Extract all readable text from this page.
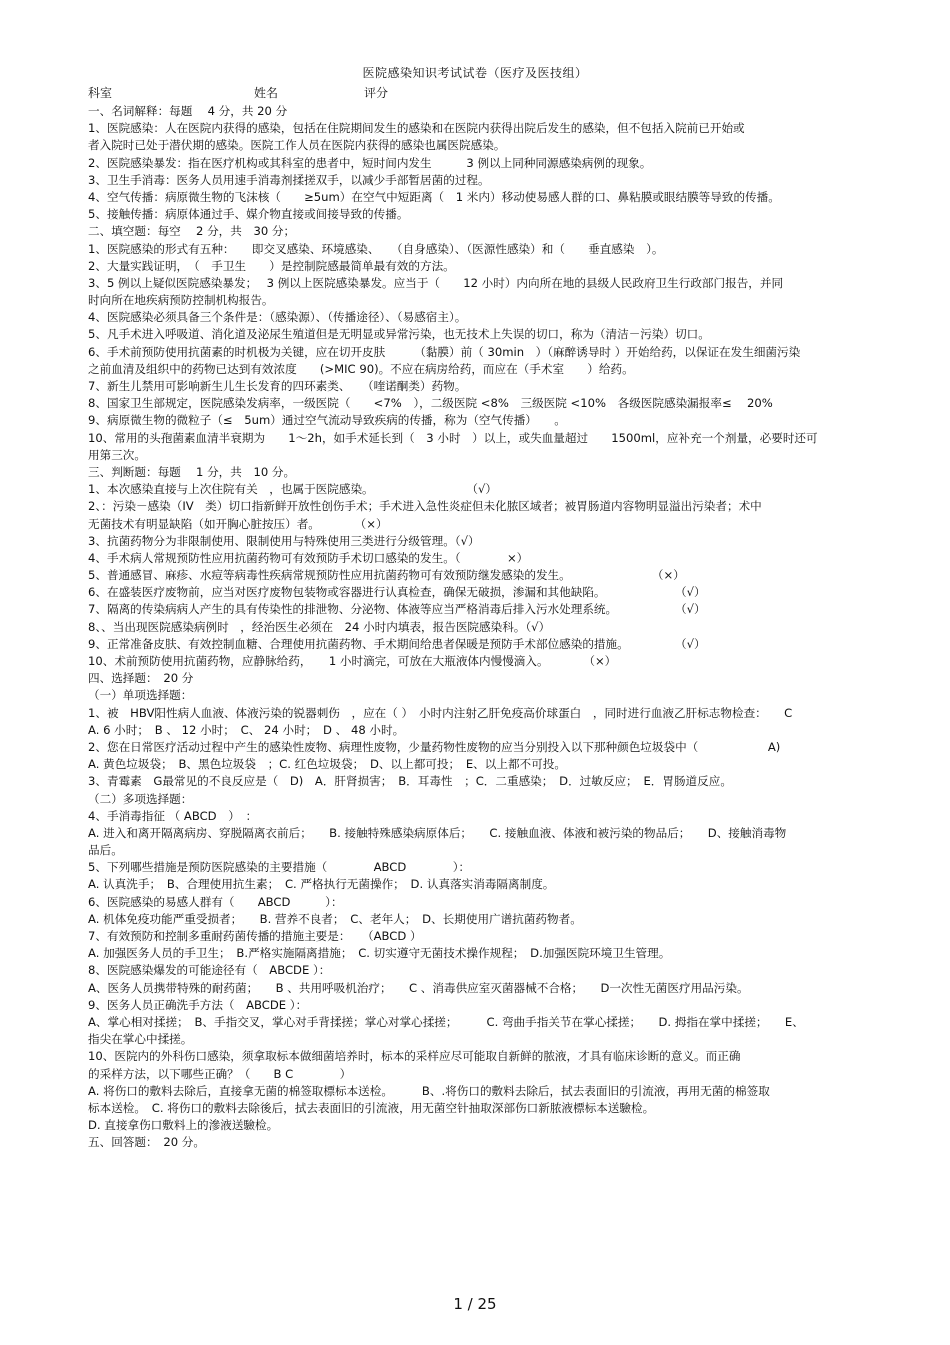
医院感染知识考试试卷（医疗及医技组）
科室	姓名	评分
一、名词解释：每题　 4 分，共 20 分
1、医院感染：人在医院内获得的感染，包括在住院期间发生的感染和在医院内获得出院后发生的感染，但不包括入院前已开始或
者入院时已处于潜伏期的感染。医院工作人员在医院内获得的感染也属医院感染。
2、医院感染暴发：指在医疗机构或其科室的患者中，短时间内发生　　　3 例以上同种同源感染病例的现象。
3、卫生手消毒：医务人员用速手消毒剂揉搓双手，以减少手部暂居菌的过程。
4、空气传播：病原微生物的飞沫核（　　≥5um）在空气中短距离（　1 米内）移动使易感人群的口、鼻粘膜或眼结膜等导致的传播。
5、接触传播：病原体通过手、媒介物直接或间接导致的传播。
二、填空题：每空　 2 分，共　30 分；
1、医院感染的形式有五种：　　即交叉感染、环境感染、　　（自身感染）、（医源性感染）和（　　垂直感染　）。
2、大量实践证明，　（　手卫生　　）是控制院感最简单最有效的方法。
3、5 例以上疑似医院感染暴发；　 3 例以上医院感染暴发。应当于（　　12 小时）内向所在地的县级人民政府卫生行政部门报告，并同
时向所在地疾病预防控制机构报告。
4、医院感染必须具备三个条件是：（感染源）、（传播途径）、（易感宿主）。
5、凡手术进入呼吸道、消化道及泌尿生殖道但是无明显或异常污染，也无技术上失误的切口，称为（清洁－污染）切口。
6、手术前预防使用抗菌素的时机极为关键，应在切开皮肤　　　（黏膜）前（ 30min　）（麻醉诱导时 ）开始给药，以保证在发生细菌污染
之前血清及组织中的药物已达到有效浓度　　(>MIC 90)。不应在病房给药，而应在（手术室　　）给药。
7、新生儿禁用可影响新生儿生长发育的四环素类、　　（喹诺酮类）药物。
8、国家卫生部规定，医院感染发病率，一级医院（　　<7%　），二级医院 <8%　三级医院 <10%　各级医院感染漏报率≤　 20%
9、病原微生物的微粒子（≤　5um）通过空气流动导致疾病的传播，称为（空气传播）　　。
10、常用的头孢菌素血清半衰期为　　1～2h，如手术延长到（　3 小时　）以上，或失血量超过　　1500ml，应补充一个剂量，必要时还可
用第三次。
三、判断题：每题　 1 分，共　10 分。
1、本次感染直接与上次住院有关　，也属于医院感染。　　　　　　　　　（√）
2、：污染－感染（IV　类）切口指新鲜开放性创伤手术；手术进入急性炎症但未化脓区域者；被胃肠道内容物明显溢出污染者；术中
无菌技术有明显缺陷（如开胸心脏按压）者。　　　　（×）
3、抗菌药物分为非限制使用、限制使用与特殊使用三类进行分级管理。（√）
4、手术病人常规预防性应用抗菌药物可有效预防手术切口感染的发生。（　　　　×）
5、普通感冒、麻疹、水痘等病毒性疾病常规预防性应用抗菌药物可有效预防继发感染的发生。　　　　　　　　（×）
6、在盛装医疗废物前，应当对医疗废物包装物或容器进行认真检查，确保无破损，渗漏和其他缺陷。　　　　　　　（√）
7、隔离的传染病病人产生的具有传染性的排泄物、分泌物、体液等应当严格消毒后排入污水处理系统。　　　　　　（√）
8、、当出现医院感染病例时　，经治医生必须在　24 小时内填表，报告医院感染科。（√）
9、正常准备皮肤、有效控制血糖、合理使用抗菌药物、手术期间给患者保暖是预防手术部位感染的措施。　　　　　（√）
10、术前预防使用抗菌药物，应静脉给药，　　1 小时滴完，可放在大瓶液体内慢慢滴入。　　　　（×）
四、选择题：　20 分
（一）单项选择题：
1、被　HBV阳性病人血液、体液污染的锐器刺伤　，应在（ ）　小时内注射乙肝免疫高价球蛋白　，同时进行血液乙肝标志物检查：　　C
A. 6 小时；　B 、 12 小时；　C、 24 小时；　D 、 48 小时。
2、您在日常医疗活动过程中产生的感染性废物、病理性废物，少量药物性废物的应当分别投入以下那种颜色垃圾袋中（　　　　　　A)
A. 黄色垃圾袋；　B、黑色垃圾袋　；C. 红色垃圾袋；　D、以上都可投；　E、以上都不可投。
3、青霉素　G最常见的不良反应是（　D)　A．肝肾损害；　B．耳毒性　；C．二重感染；　D．过敏反应；　E．胃肠道反应。
（二）多项选择题：
4、手消毒指征 （ ABCD　）　：
A. 进入和离开隔离病房、穿脱隔离衣前后；　　B. 接触特殊感染病原体后；　　C. 接触血液、体液和被污染的物品后；　　D、接触消毒物
品后。
5、下列哪些措施是预防医院感染的主要措施（　　　　ABCD　　　　）：
A. 认真洗手；　B、合理使用抗生素；　C. 严格执行无菌操作；　D. 认真落实消毒隔离制度。
6、医院感染的易感人群有（　　ABCD　　　）：
A. 机体免疫功能严重受损者；　　B. 营养不良者；　C、老年人；　D、长期使用广谱抗菌药物者。
7、有效预防和控制多重耐药菌传播的措施主要是：　　（ABCD ）
A. 加强医务人员的手卫生；　B.严格实施隔离措施；　C. 切实遵守无菌技术操作规程；　D.加强医院环境卫生管理。
8、医院感染爆发的可能途径有（　ABCDE ）：
A、医务人员携带特殊的耐药菌；　　B 、共用呼吸机治疗；　　C 、消毒供应室灭菌器械不合格；　　D一次性无菌医疗用品污染。
9、医务人员正确洗手方法（　ABCDE ）：
A、掌心相对揉搓；　B、手指交叉，掌心对手背揉搓；掌心对掌心揉搓；　　　C. 弯曲手指关节在掌心揉搓；　　D. 拇指在掌中揉搓；　　E、
指尖在掌心中揉搓。
10、医院内的外科伤口感染，须拿取标本做细菌培养时，标本的采样应尽可能取自新鲜的脓液，才具有临床诊断的意义。而正确
的采样方法，以下哪些正确？（　　B C　　　　）
A. 将伤口的敷料去除后，直接拿无菌的棉签取標标本送检。　　　B、.将伤口的敷料去除后，拭去表面旧的引流液，再用无菌的棉签取
标本送检。　C. 将伤口的敷料去除後后，拭去表面旧的引流液，用无菌空针抽取深部伤口新脓液標标本送驗检。
D. 直接拿伤口敷料上的滲液送驗检。
五、回答题：　20 分。
1 / 25
